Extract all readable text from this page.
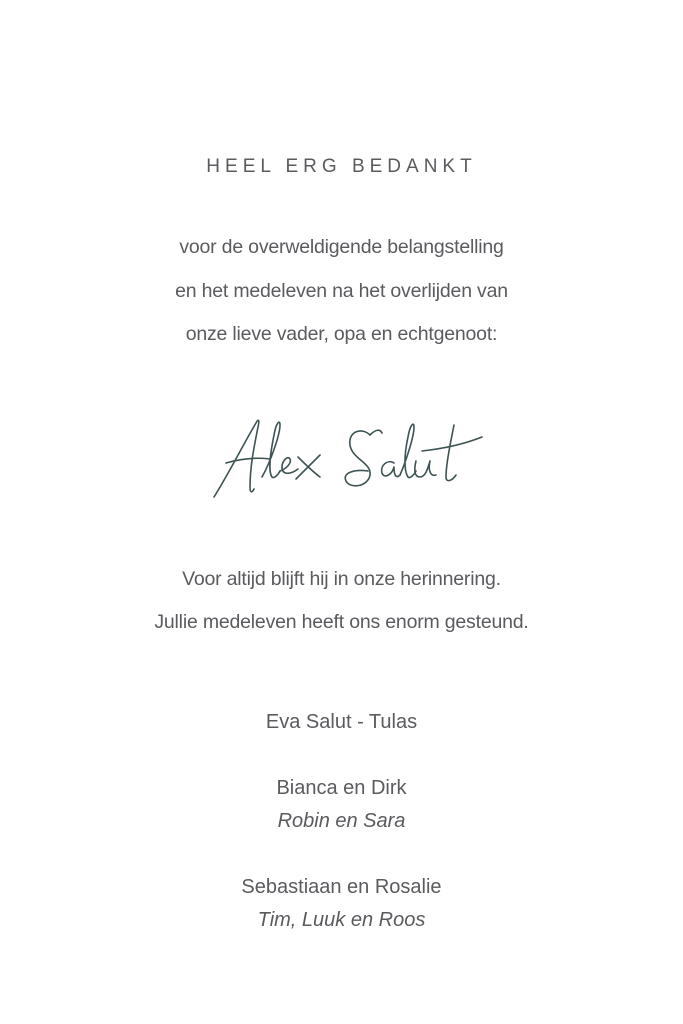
HEEL ERG BEDANKT
voor de overweldigende belangstelling
en het medeleven na het overlijden van
onze lieve vader, opa en echtgenoot:
Voor altijd blijft hij in onze herinnering.
Jullie medeleven heeft ons enorm gesteund.
Eva Salut - Tulas
Bianca en Dirk
Robin en Sara
Sebastiaan en Rosalie
Tim, Luuk en Roos
